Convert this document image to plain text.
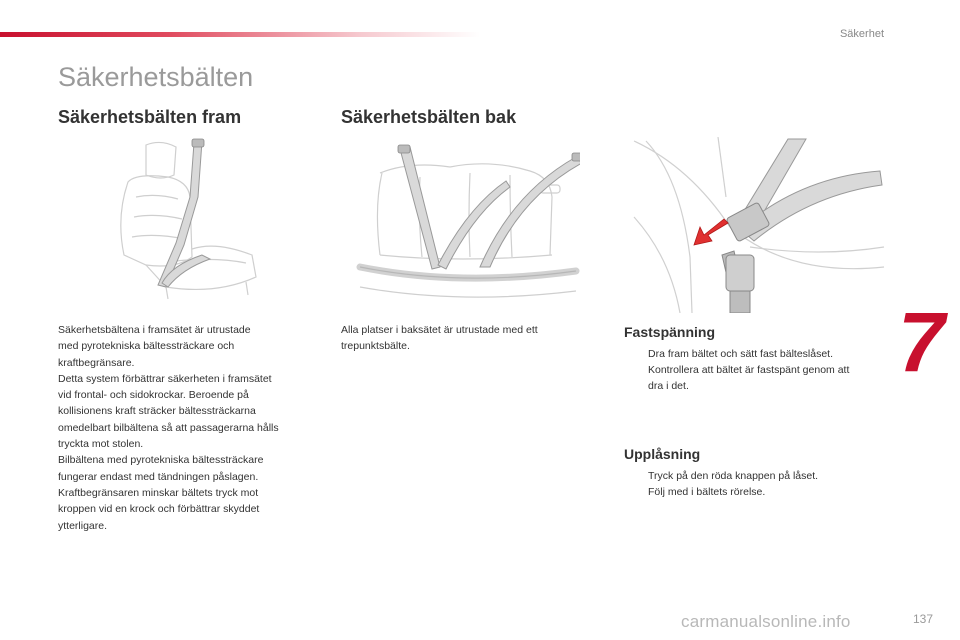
Säkerhet
Säkerhetsbälten
Säkerhetsbälten fram	Säkerhetsbälten bak
Säkerhetsbältena i framsätet är utrustade
med pyrotekniska bältessträckare och
kraftbegränsare.
Detta system förbättrar säkerheten i framsätet
vid frontal- och sidokrockar. Beroende på
kollisionens kraft sträcker bältessträckarna
omedelbart bilbältena så att passagerarna hålls
tryckta mot stolen.
Bilbältena med pyrotekniska bältessträckare
fungerar endast med tändningen påslagen.
Kraftbegränsaren minskar bältets tryck mot
kroppen vid en krock och förbättrar skyddet
ytterligare.
Alla platser i baksätet är utrustade med ett
trepunktsbälte.
Fastspänning
Dra fram bältet och sätt fast bälteslåset.
Kontrollera att bältet är fastspänt genom att
dra i det.
Upplåsning
Tryck på den röda knappen på låset.
Följ med i bältets rörelse.
7
carmanualsonline.info	137
